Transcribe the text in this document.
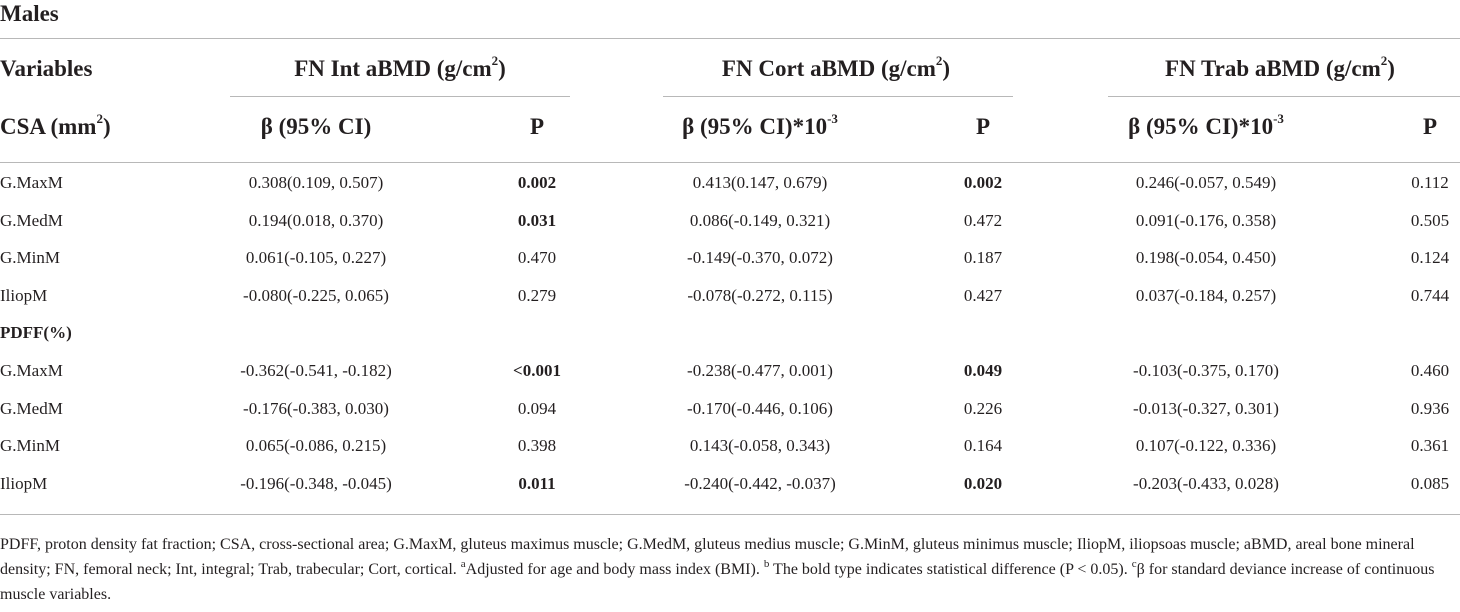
Males
Variables	FN Int aBMD $(g/cm^2)$	FN Cort aBMD $(g/cm^2)$	FN Trab aBMD $(g/cm^2)$
CSA $(mm^2)$	β (95% CI)	P	β (95% $CI)*10^{-3}$	P	β (95% $CI)*10^{-3}$	P
G.MaxM	0.308(0.109, 0.507)	0.002	0.413(0.147, 0.679)	0.002	0.246(-0.057, 0.549)	0.112
G.MedM	0.194(0.018, 0.370)	0.031	0.086(-0.149, 0.321)	0.472	0.091(-0.176, 0.358)	0.505
G.MinM	0.061(-0.105, 0.227)	0.470	-0.149(-0.370, 0.072)	0.187	0.198(-0.054, 0.450)	0.124
IliopM	-0.080(-0.225, 0.065)	0.279	-0.078(-0.272, 0.115)	0.427	0.037(-0.184, 0.257)	0.744
PDFF(%)
G.MaxM	-0.362(-0.541, -0.182)	<0.001	-0.238(-0.477, 0.001)	0.049	-0.103(-0.375, 0.170)	0.460
G.MedM	-0.176(-0.383, 0.030)	0.094	-0.170(-0.446, 0.106)	0.226	-0.013(-0.327, 0.301)	0.936
G.MinM	0.065(-0.086, 0.215)	0.398	0.143(-0.058, 0.343)	0.164	0.107(-0.122, 0.336)	0.361
IliopM	-0.196(-0.348, -0.045)	0.011	-0.240(-0.442, -0.037)	0.020	-0.203(-0.433, 0.028)	0.085
PDFF, proton density fat fraction; CSA, cross-sectional area; G.MaxM, gluteus maximus muscle; G.MedM, gluteus medius muscle; G.MinM, gluteus minimus muscle; IliopM, iliopsoas muscle; aBMD, areal bone mineral density; FN, femoral neck; Int, integral; Trab, trabecular; Cort, cortical. $^a$Adjusted for age and body mass index (BMI). $^b$ The bold type indicates statistical difference (P < 0.05). $^c$β for standard deviance increase of continuous muscle variables.
